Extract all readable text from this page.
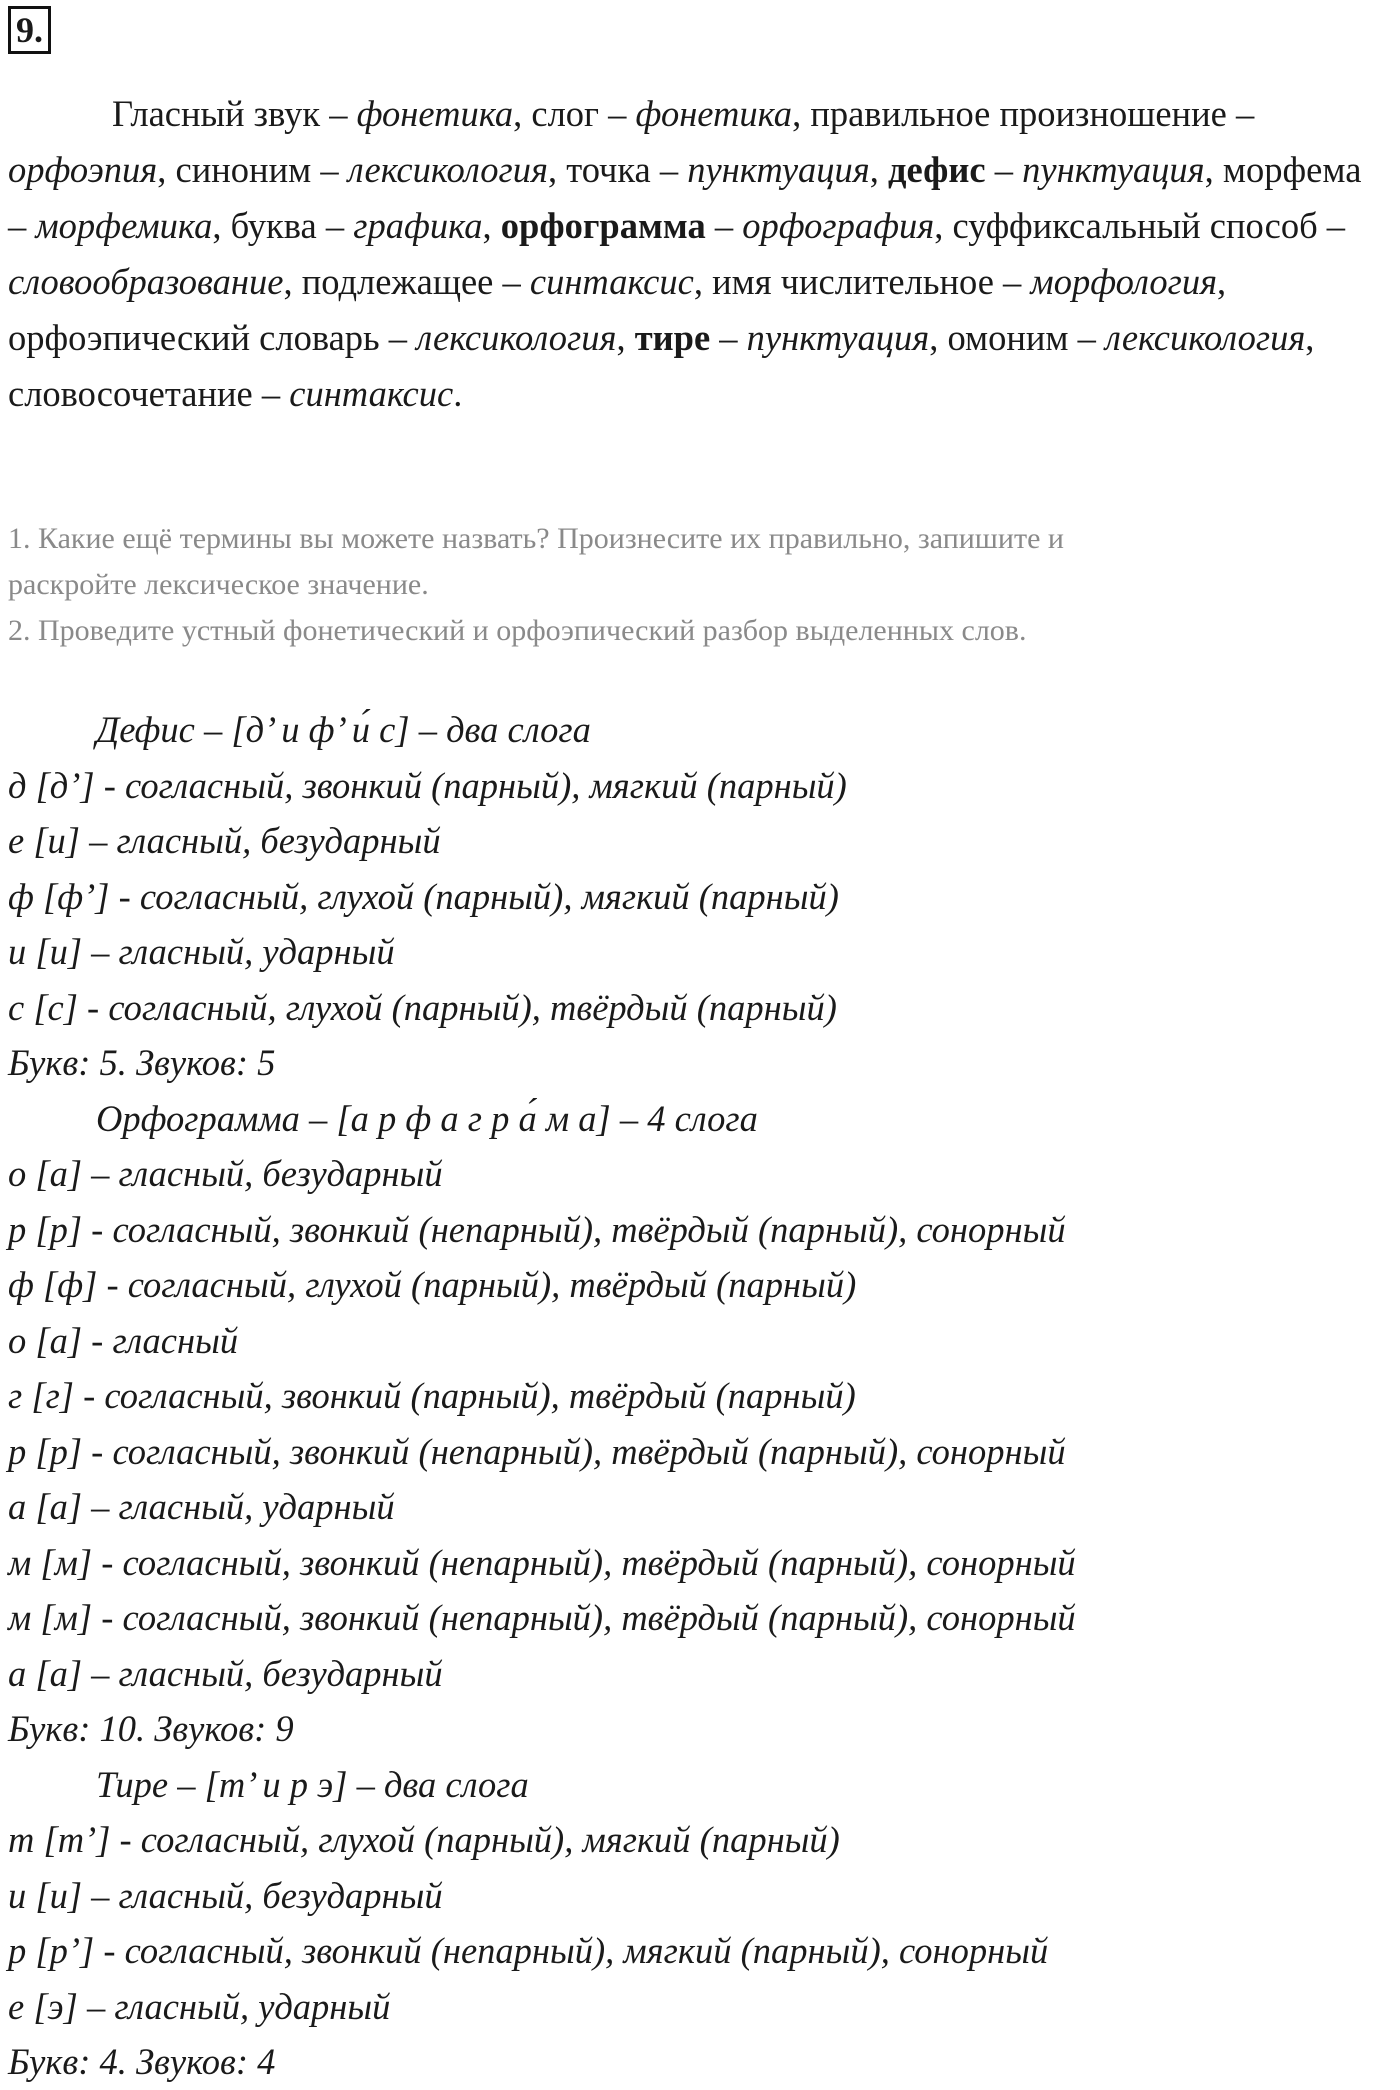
9.

Гласный звук – фонетика, слог – фонетика, правильное произношение – орфоэпия, синоним – лексикология, точка – пунктуация, дефис – пунктуация, морфема – морфемика, буква – графика, орфограмма – орфография, суффиксальный способ – словообразование, подлежащее – синтаксис, имя числительное – морфология, орфоэпический словарь – лексикология, тире – пунктуация, омоним – лексикология, словосочетание – синтаксис.

1. Какие ещё термины вы можете назвать? Произнесите их правильно, запишите и
раскройте лексическое значение.
2. Проведите устный фонетический и орфоэпический разбор выделенных слов.
Дефис – [д’ и ф’ и́ с] – два слога
д [д’] - согласный, звонкий (парный), мягкий (парный)
е [и] – гласный, безударный
ф [ф’] - согласный, глухой (парный), мягкий (парный)
и [и] – гласный, ударный
с [с] - согласный, глухой (парный), твёрдый (парный)
Букв: 5. Звуков: 5
Орфограмма – [а р ф а г р а́ м а] – 4 слога
о [а] – гласный, безударный
р [р] - согласный, звонкий (непарный), твёрдый (парный), сонорный
ф [ф] - согласный, глухой (парный), твёрдый (парный)
о [а] - гласный
г [г] - согласный, звонкий (парный), твёрдый (парный)
р [р] - согласный, звонкий (непарный), твёрдый (парный), сонорный
а [а] – гласный, ударный
м [м] - согласный, звонкий (непарный), твёрдый (парный), сонорный
м [м] - согласный, звонкий (непарный), твёрдый (парный), сонорный
а [а] – гласный, безударный
Букв: 10. Звуков: 9
Тире – [т’ и р э] – два слога
т [т’] - согласный, глухой (парный), мягкий (парный)
и [и] – гласный, безударный
р [р’] - согласный, звонкий (непарный), мягкий (парный), сонорный
е [э] – гласный, ударный
Букв: 4. Звуков: 4
